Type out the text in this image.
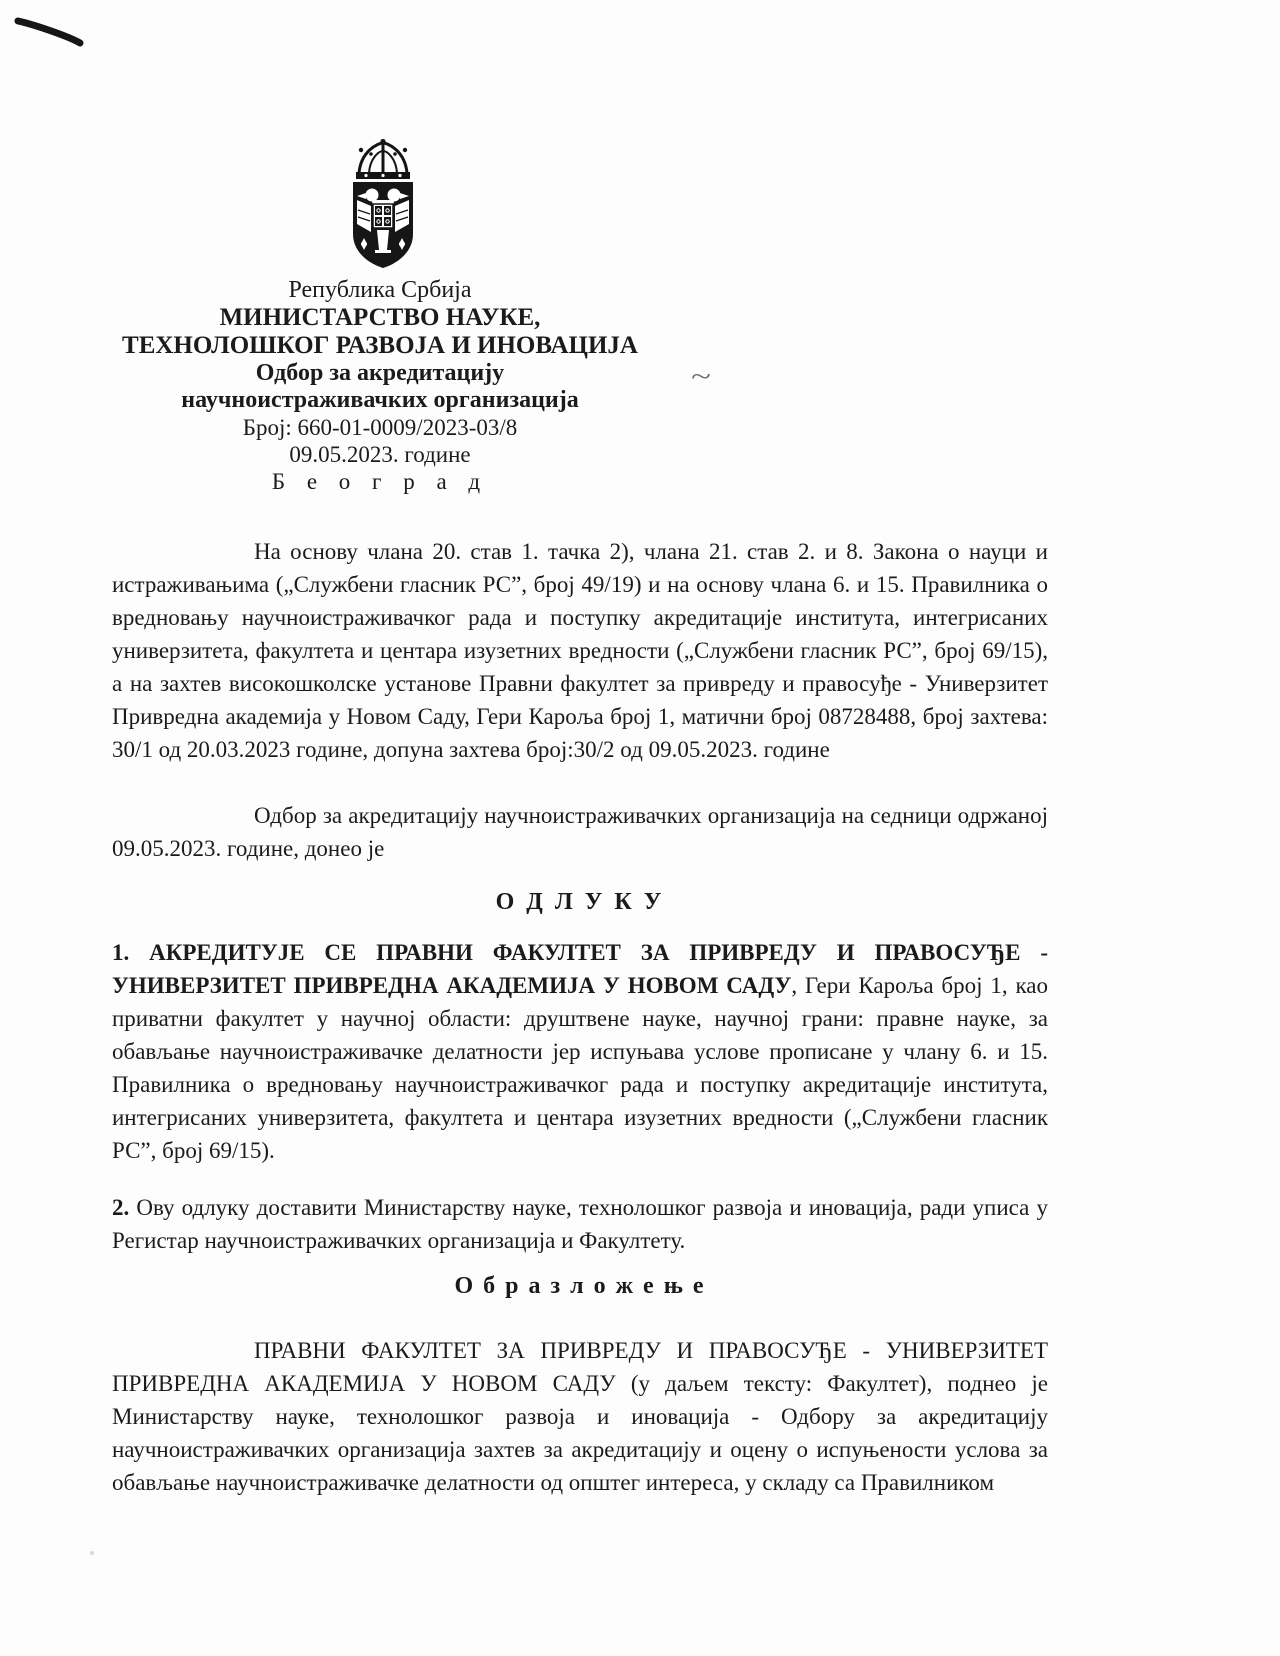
~
Република Србија
МИНИСТАРСТВО НАУКЕ,
ТЕХНОЛОШКОГ РАЗВОЈА И ИНОВАЦИЈА
Одбор за акредитацију
научноистраживачких организација
Број: 660-01-0009/2023-03/8
09.05.2023. године
Б е о г р а д

На основу члана 20. став 1. тачка 2), члана 21. став 2. и 8. Закона о науци и истраживањима („Службени гласник РС”, број 49/19) и на основу члана 6. и 15. Правилника о вредновању научноистраживачког рада и поступку акредитације института, интегрисаних универзитета, факултета и центара изузетних вредности („Службени гласник РС”, број 69/15), а на захтев високошколске установе Правни факултет за привреду и правосуђе - Универзитет Привредна академија у Новом Саду, Гери Кароља број 1, матични број 08728488, број захтева: 30/1 од 20.03.2023 године, допуна захтева број:30/2 од 09.05.2023. године

Одбор за акредитацију научноистраживачких организација на седници одржаној 09.05.2023. године, донео је

О Д Л У К У

1. АКРЕДИТУЈЕ СЕ ПРАВНИ ФАКУЛТЕТ ЗА ПРИВРЕДУ И ПРАВОСУЂЕ - УНИВЕРЗИТЕТ ПРИВРЕДНА АКАДЕМИЈА У НОВОМ САДУ, Гери Кароља број 1, као приватни факултет у научној области: друштвене науке, научној грани: правне науке, за обављање научноистраживачке делатности јер испуњава услове прописане у члану 6. и 15. Правилника о вредновању научноистраживачког рада и поступку акредитације института, интегрисаних универзитета, факултета и центара изузетних вредности („Службени гласник РС”, број 69/15).

2. Ову одлуку доставити Министарству науке, технолошког развоја и иновација, ради уписа у Регистар научноистраживачких организација и Факултету.

О б р а з л о ж е њ е

ПРАВНИ ФАКУЛТЕТ ЗА ПРИВРЕДУ И ПРАВОСУЂЕ - УНИВЕРЗИТЕТ ПРИВРЕДНА АКАДЕМИЈА У НОВОМ САДУ (у даљем тексту: Факултет), поднео је Министарству науке, технолошког развоја и иновација - Одбору за акредитацију научноистраживачких организација захтев за акредитацију и оцену о испуњености услова за обављање научноистраживачке делатности од општег интереса, у складу са Правилником
